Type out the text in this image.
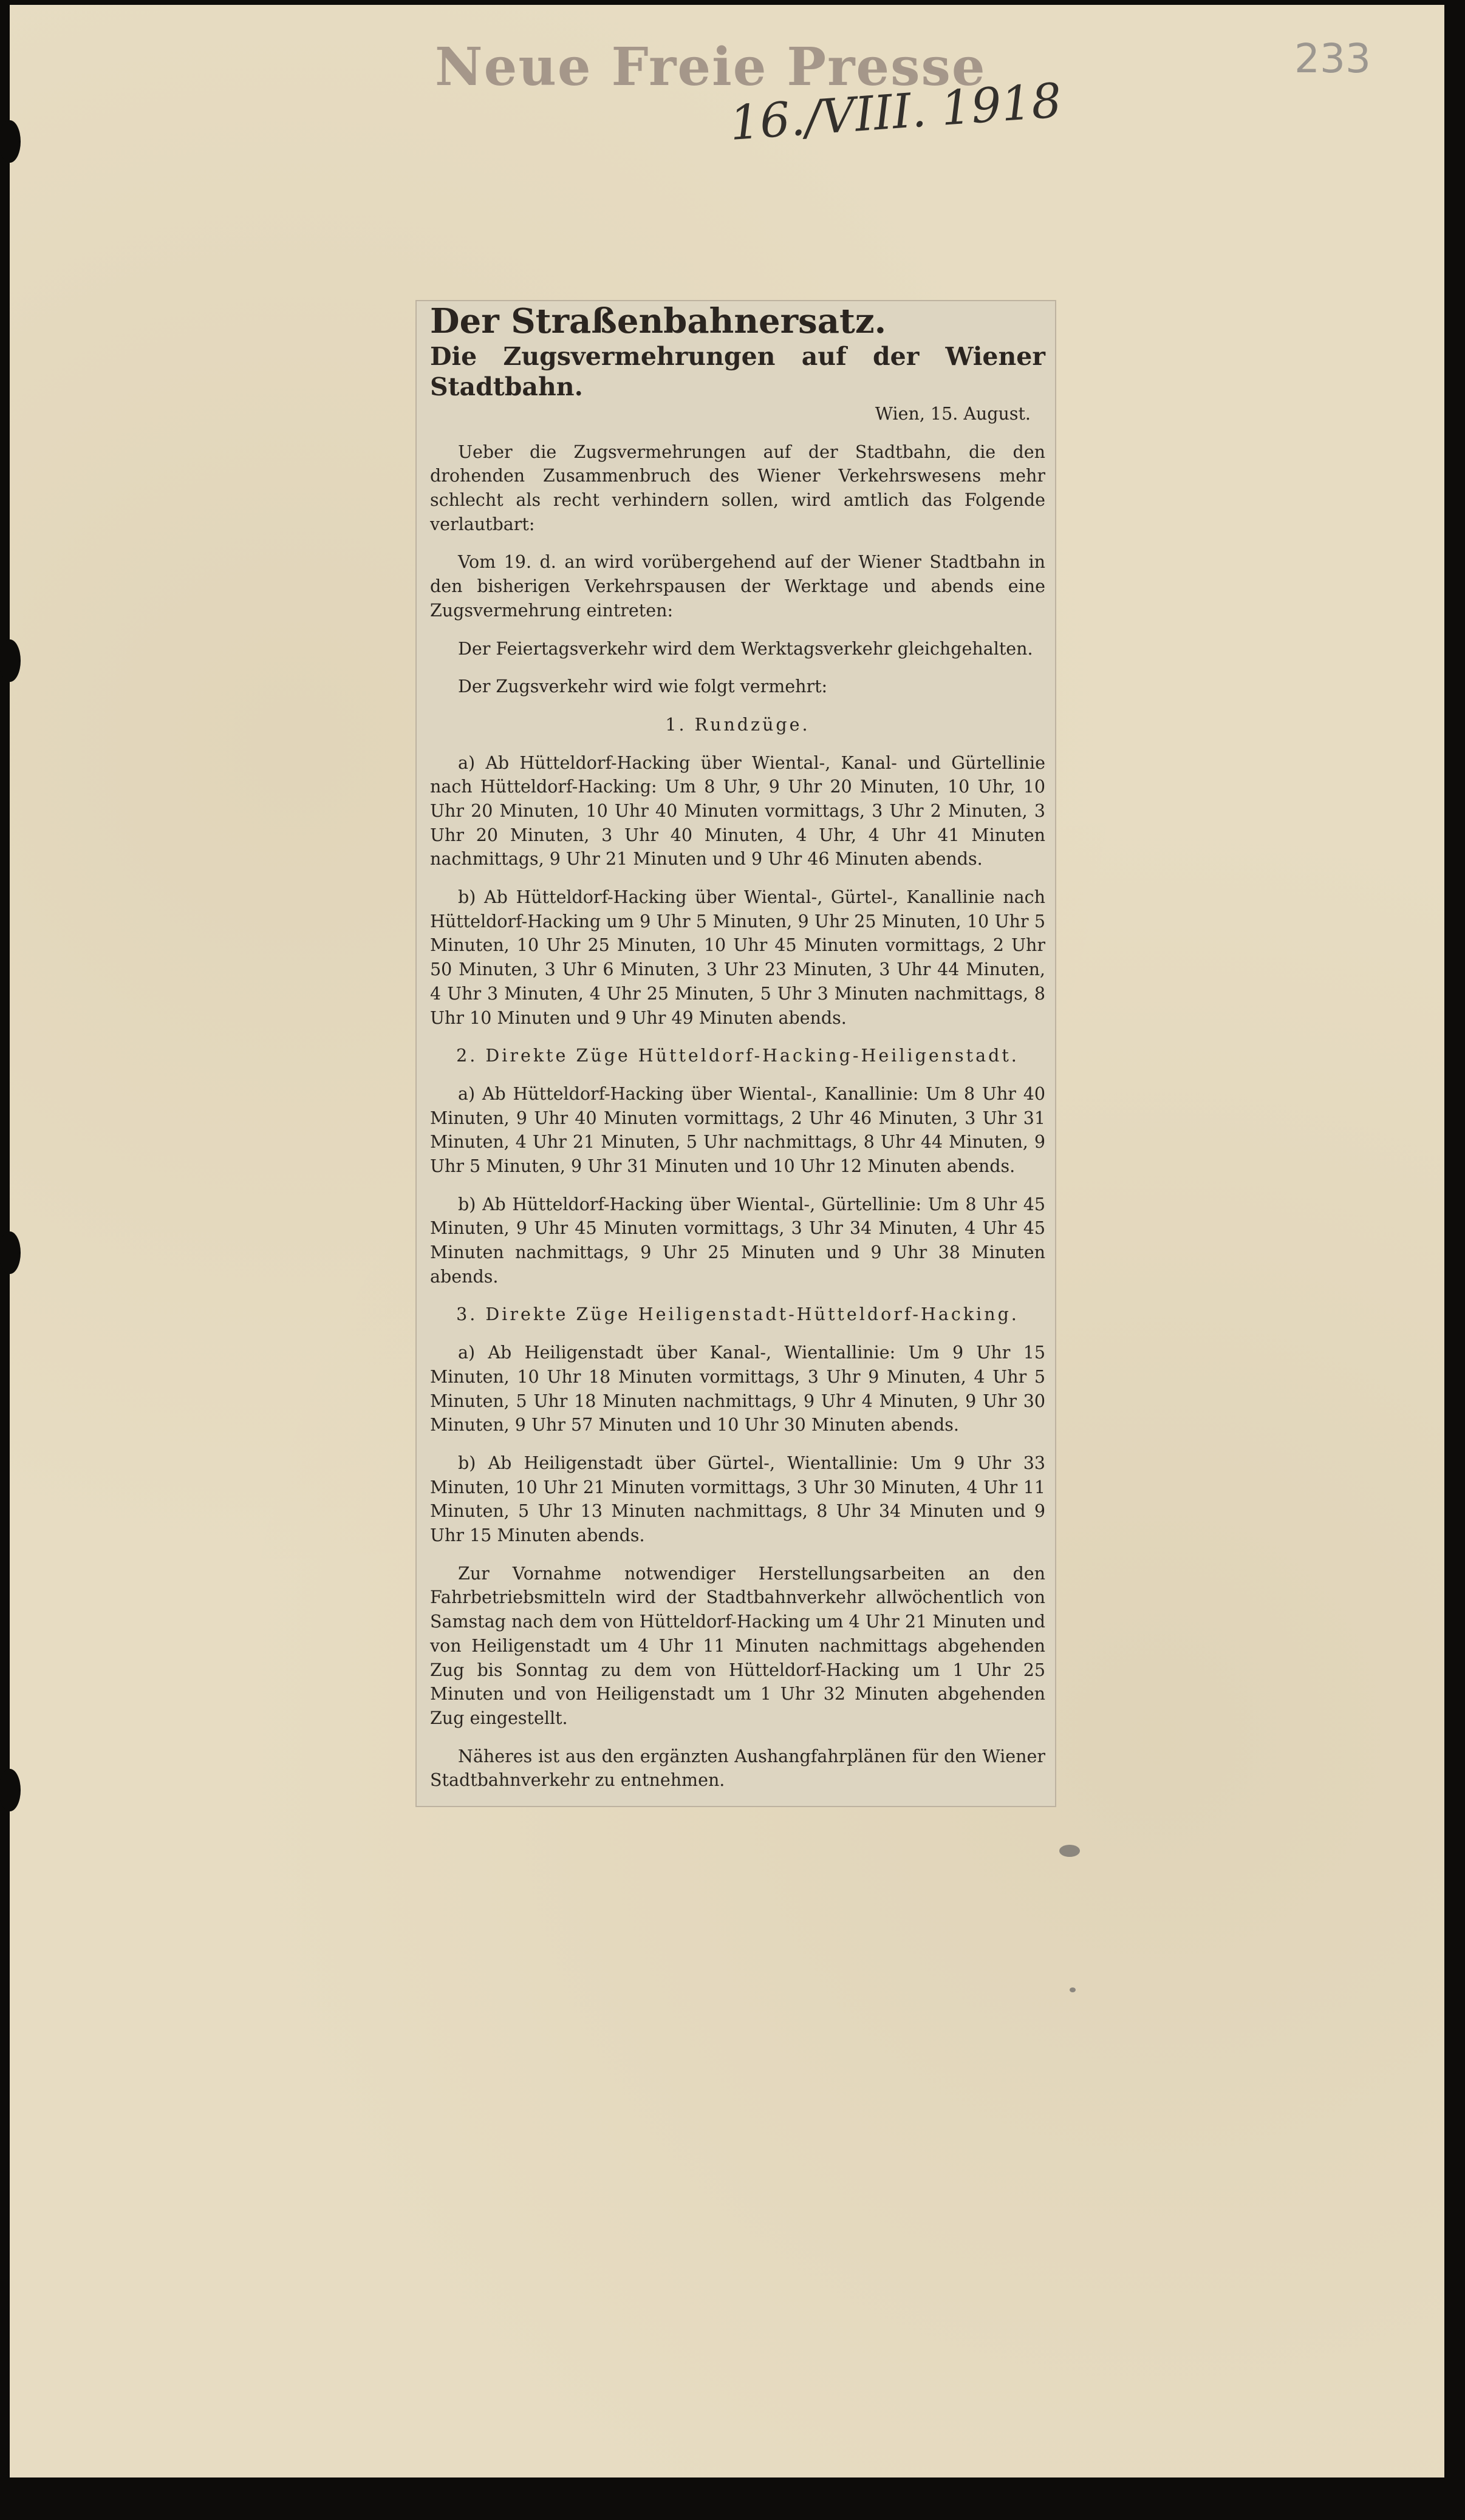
Neue Freie Presse

16./VIII. 1918

233

Der Straßenbahnersatz.

Die Zugsvermehrungen auf der Wiener Stadtbahn.

Wien, 15. August.

Ueber die Zugsvermehrungen auf der Stadtbahn, die den drohenden Zusammenbruch des Wiener Verkehrswesens mehr schlecht als recht verhindern sollen, wird amtlich das Folgende verlautbart:

Vom 19. d. an wird vorübergehend auf der Wiener Stadtbahn in den bisherigen Verkehrspausen der Werktage und abends eine Zugsvermehrung eintreten:

Der Feiertagsverkehr wird dem Werktagsverkehr gleichgehalten.

Der Zugsverkehr wird wie folgt vermehrt:

1. Rundzüge.

a) Ab Hütteldorf-Hacking über Wiental-, Kanal- und Gürtellinie nach Hütteldorf-Hacking: Um 8 Uhr, 9 Uhr 20 Minuten, 10 Uhr, 10 Uhr 20 Minuten, 10 Uhr 40 Minuten vormittags, 3 Uhr 2 Minuten, 3 Uhr 20 Minuten, 3 Uhr 40 Minuten, 4 Uhr, 4 Uhr 41 Minuten nachmittags, 9 Uhr 21 Minuten und 9 Uhr 46 Minuten abends.

b) Ab Hütteldorf-Hacking über Wiental-, Gürtel-, Kanallinie nach Hütteldorf-Hacking um 9 Uhr 5 Minuten, 9 Uhr 25 Minuten, 10 Uhr 5 Minuten, 10 Uhr 25 Minuten, 10 Uhr 45 Minuten vormittags, 2 Uhr 50 Minuten, 3 Uhr 6 Minuten, 3 Uhr 23 Minuten, 3 Uhr 44 Minuten, 4 Uhr 3 Minuten, 4 Uhr 25 Minuten, 5 Uhr 3 Minuten nachmittags, 8 Uhr 10 Minuten und 9 Uhr 49 Minuten abends.

2. Direkte Züge Hütteldorf-Hacking-Heiligenstadt.

a) Ab Hütteldorf-Hacking über Wiental-, Kanallinie: Um 8 Uhr 40 Minuten, 9 Uhr 40 Minuten vormittags, 2 Uhr 46 Minuten, 3 Uhr 31 Minuten, 4 Uhr 21 Minuten, 5 Uhr nachmittags, 8 Uhr 44 Minuten, 9 Uhr 5 Minuten, 9 Uhr 31 Minuten und 10 Uhr 12 Minuten abends.

b) Ab Hütteldorf-Hacking über Wiental-, Gürtellinie: Um 8 Uhr 45 Minuten, 9 Uhr 45 Minuten vormittags, 3 Uhr 34 Minuten, 4 Uhr 45 Minuten nachmittags, 9 Uhr 25 Minuten und 9 Uhr 38 Minuten abends.

3. Direkte Züge Heiligenstadt-Hütteldorf-Hacking.

a) Ab Heiligenstadt über Kanal-, Wientallinie: Um 9 Uhr 15 Minuten, 10 Uhr 18 Minuten vormittags, 3 Uhr 9 Minuten, 4 Uhr 5 Minuten, 5 Uhr 18 Minuten nachmittags, 9 Uhr 4 Minuten, 9 Uhr 30 Minuten, 9 Uhr 57 Minuten und 10 Uhr 30 Minuten abends.

b) Ab Heiligenstadt über Gürtel-, Wientallinie: Um 9 Uhr 33 Minuten, 10 Uhr 21 Minuten vormittags, 3 Uhr 30 Minuten, 4 Uhr 11 Minuten, 5 Uhr 13 Minuten nachmittags, 8 Uhr 34 Minuten und 9 Uhr 15 Minuten abends.

Zur Vornahme notwendiger Herstellungsarbeiten an den Fahrbetriebsmitteln wird der Stadtbahnverkehr allwöchentlich von Samstag nach dem von Hütteldorf-Hacking um 4 Uhr 21 Minuten und von Heiligenstadt um 4 Uhr 11 Minuten nachmittags abgehenden Zug bis Sonntag zu dem von Hütteldorf-Hacking um 1 Uhr 25 Minuten und von Heiligenstadt um 1 Uhr 32 Minuten abgehenden Zug eingestellt.

Näheres ist aus den ergänzten Aushangfahrplänen für den Wiener Stadtbahnverkehr zu entnehmen.
